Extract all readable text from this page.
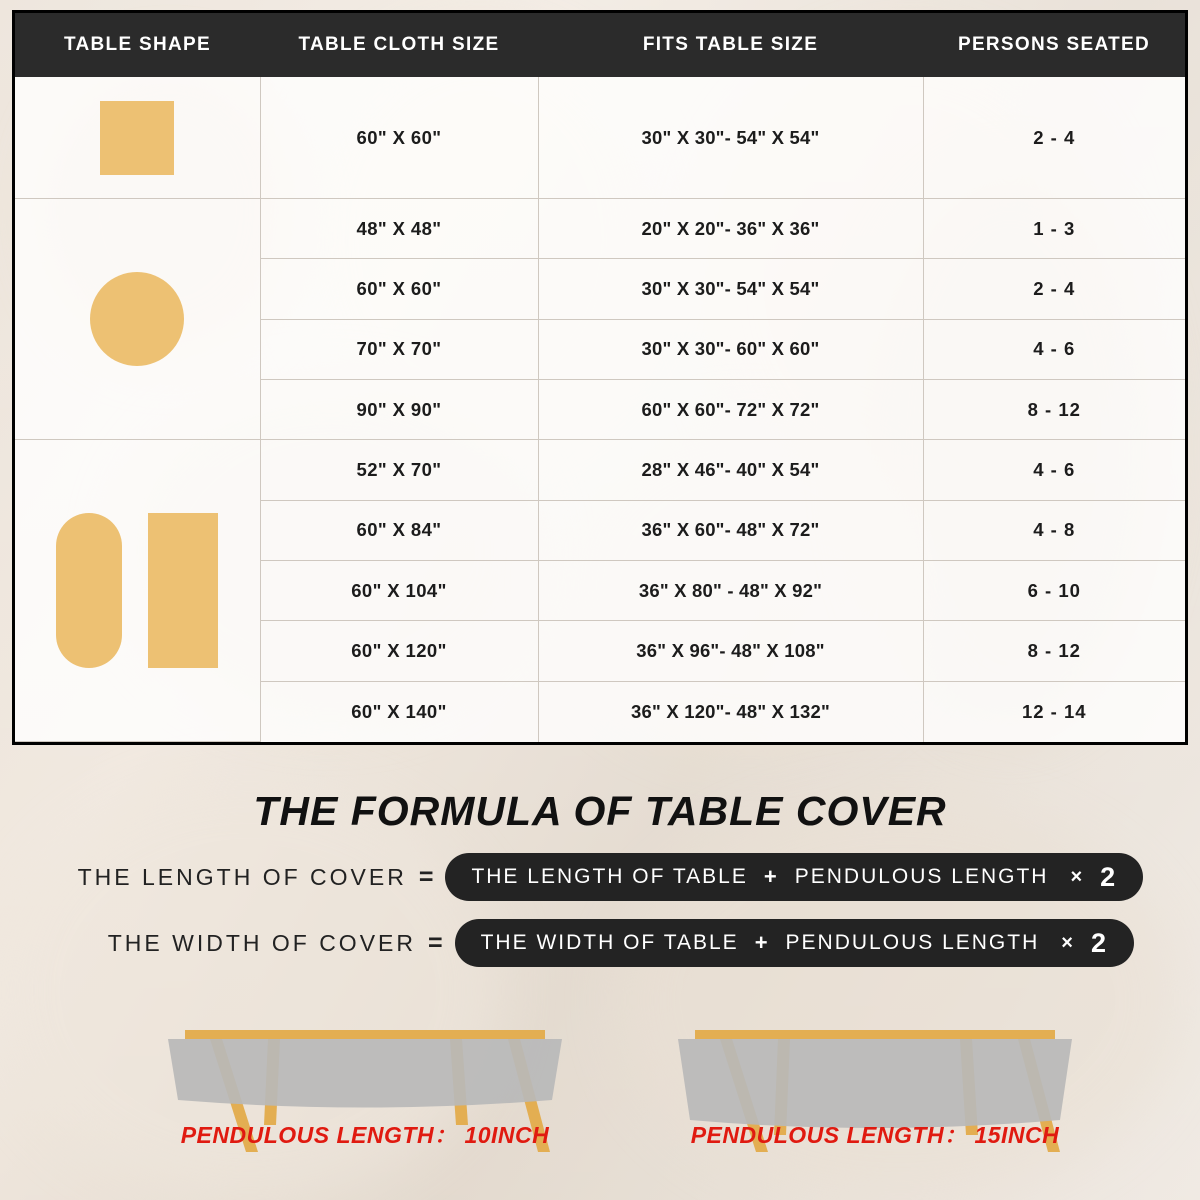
TABLE SHAPE	TABLE CLOTH SIZE	FITS TABLE SIZE	PERSONS SEATED

	60" X 60"	30" X 30"- 54" X 54"	2 - 4

	48" X 48"	20" X 20"- 36" X 36"	1 - 3
	60" X 60"	30" X 30"- 54" X 54"	2 - 4
	70" X 70"	30" X 30"- 60" X 60"	4 - 6
	90" X 90"	60" X 60"- 72" X 72"	8 - 12

	52" X 70"	28" X 46"- 40" X 54"	4 - 6
	60" X 84"	36" X 60"- 48" X 72"	4 - 8
	60" X 104"	36" X 80" - 48" X 92"	6 - 10
	60" X 120"	36" X 96"- 48" X 108"	8 - 12
	60" X 140"	36" X 120"- 48" X 132"	12 - 14
THE FORMULA OF TABLE COVER
THE LENGTH OF COVER = THE LENGTH OF TABLE + PENDULOUS LENGTH × 2
THE WIDTH OF COVER = THE WIDTH OF TABLE + PENDULOUS LENGTH × 2
PENDULOUS LENGTH： 10INCH	PENDULOUS LENGTH： 15INCH
